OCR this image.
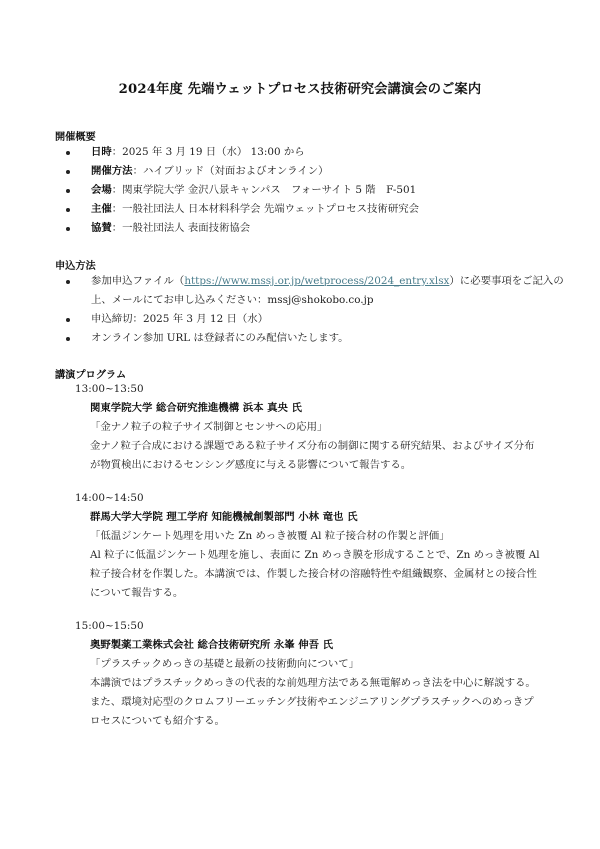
2024年度 先端ウェットプロセス技術研究会講演会のご案内
開催概要
日時：2025 年 3 月 19 日（水） 13:00 から
開催方法：ハイブリッド（対面およびオンライン）
会場：関東学院大学 金沢八景キャンパス　フォーサイト 5 階　F-501
主催：一般社団法人 日本材料科学会 先端ウェットプロセス技術研究会
協賛：一般社団法人 表面技術協会
申込方法
参加申込ファイル（https://www.mssj.or.jp/wetprocess/2024_entry.xlsx）に必要事項をご記入の
上、メールにてお申し込みください：mssj@shokobo.co.jp
申込締切：2025 年 3 月 12 日（水）
オンライン参加 URL は登録者にのみ配信いたします。
講演プログラム
13:00~13:50
関東学院大学 総合研究推進機構 浜本 真央 氏
「金ナノ粒子の粒子サイズ制御とセンサへの応用」
金ナノ粒子合成における課題である粒子サイズ分布の制御に関する研究結果、およびサイズ分布
が物質検出におけるセンシング感度に与える影響について報告する。
14:00~14:50
群馬大学大学院 理工学府 知能機械創製部門 小林 竜也 氏
「低温ジンケート処理を用いた Zn めっき被覆 Al 粒子接合材の作製と評価」
Al 粒子に低温ジンケート処理を施し、表面に Zn めっき膜を形成することで、Zn めっき被覆 Al
粒子接合材を作製した。本講演では、作製した接合材の溶融特性や組織観察、金属材との接合性
について報告する。
15:00~15:50
奥野製薬工業株式会社 総合技術研究所 永峯 伸吾 氏
「プラスチックめっきの基礎と最新の技術動向について」
本講演ではプラスチックめっきの代表的な前処理方法である無電解めっき法を中心に解説する。
また、環境対応型のクロムフリーエッチング技術やエンジニアリングプラスチックへのめっきプ
ロセスについても紹介する。
